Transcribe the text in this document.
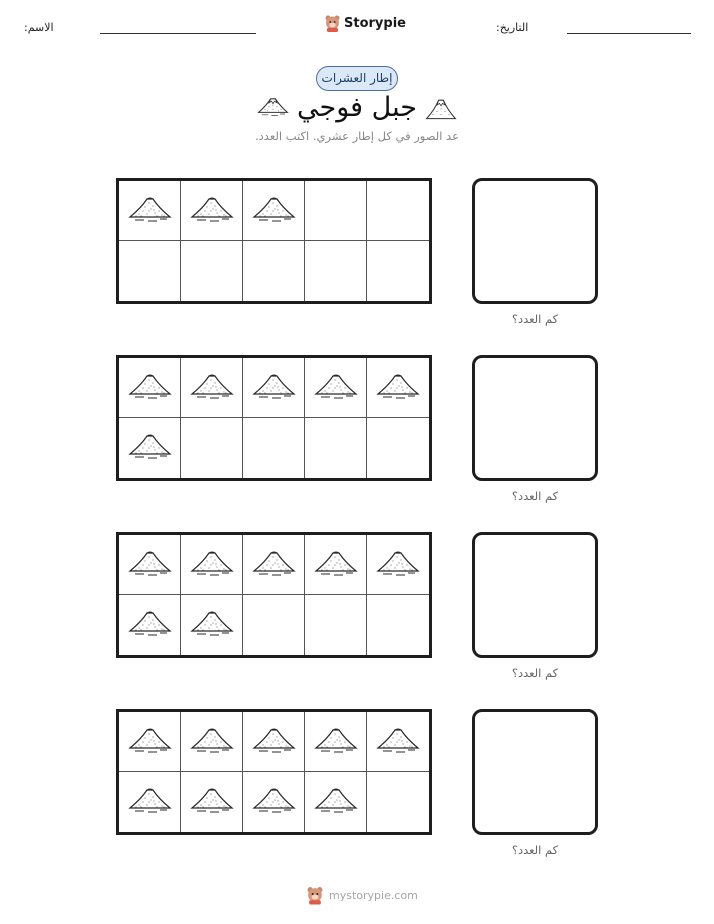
الاسم:	Storypie	التاريخ:
إطار العشرات
جبل فوجي
عد الصور في كل إطار عشري. اكتب العدد.
كم العدد؟
كم العدد؟
كم العدد؟
كم العدد؟
mystorypie.com
